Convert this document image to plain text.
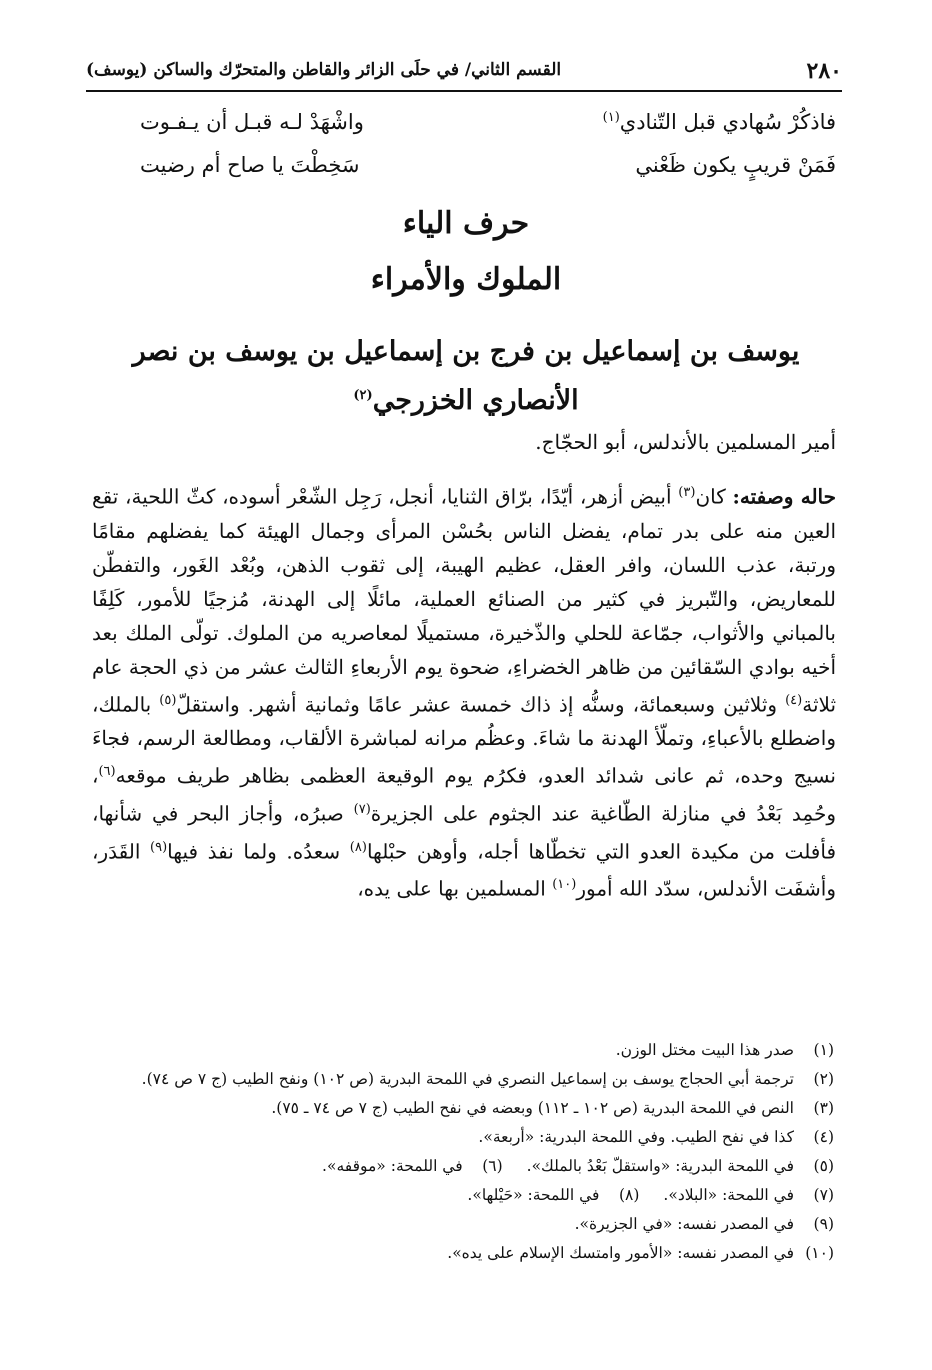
٢٨٠
القسم الثاني/ في حلَى الزائر والقاطن والمتحرّك والساكن (يوسف)
فاذكُرْ سُهادي قبل التّنادي$^{(١)}$
واشْهَدْ لـه قبـل أن يـفـوت
فَمَنْ قريبٍ يكون ظَعْني
سَخِطْتَ يا صاح أم رضيت
حرف الياء
الملوك والأمراء
يوسف بن إسماعيل بن فرج بن إسماعيل بن يوسف بن نصر
الأنصاري الخزرجي$^{(٢)}$
أمير المسلمين بالأندلس، أبو الحجّاج.
حاله وصفته: كان$^{(٣)}$ أبيض أزهر، أيّدًا، برّاق الثنايا، أنجل، رَجِل الشّعْر أسوده، كثّ اللحية، تقع العين منه على بدر تمام، يفضل الناس بحُسْن المرأى وجمال الهيئة كما يفضلهم مقامًا ورتبة، عذب اللسان، وافر العقل، عظيم الهيبة، إلى ثقوب الذهن، وبُعْد الغَور، والتفطّن للمعاريض، والتّبريز في كثير من الصنائع العملية، مائلًا إلى الهدنة، مُزجيًا للأمور، كَلِفًا بالمباني والأثواب، جمّاعة للحلي والذّخيرة، مستميلًا لمعاصريه من الملوك. تولّى الملك بعد أخيه بوادي السّقائين من ظاهر الخضراءِ، ضحوة يوم الأربعاءِ الثالث عشر من ذي الحجة عام ثلاثة$^{(٤)}$ وثلاثين وسبعمائة، وسنُّه إذ ذاك خمسة عشر عامًا وثمانية أشهر. واستقلّ$^{(٥)}$ بالملك، واضطلع بالأعباءِ، وتملّأ الهدنة ما شاءَ. وعظُم مرانه لمباشرة الألقاب، ومطالعة الرسم، فجاءَ نسيج وحده، ثم عانى شدائد العدو، فكرُم يوم الوقيعة العظمى بظاهر طريف موقعه$^{(٦)}$، وحُمِد بَعْدُ في منازلة الطّاغية عند الجثوم على الجزيرة$^{(٧)}$ صبرُه، وأجاز البحر في شأنها، فأفلت من مكيدة العدو التي تخطّاها أجله، وأوهن حبْلها$^{(٨)}$ سعدُه. ولما نفذ فيها$^{(٩)}$ القَدَر، وأشفَت الأندلس، سدّد الله أمور$^{(١٠)}$ المسلمين بها على يده،
(١)
صدر هذا البيت مختل الوزن.
(٢)
ترجمة أبي الحجاج يوسف بن إسماعيل النصري في اللمحة البدرية (ص ١٠٢) ونفح الطيب (ج ٧ ص ٧٤).
(٣)
النص في اللمحة البدرية (ص ١٠٢ ـ ١١٢) وبعضه في نفح الطيب (ج ٧ ص ٧٤ ـ ٧٥).
(٤)
كذا في نفح الطيب. وفي اللمحة البدرية: «أربعة».
(٥)
في اللمحة البدرية: «واستقلّ بَعْدُ بالملك».
(٦)
في اللمحة: «موقفه».
(٧)
في اللمحة: «البلاد».
(٨)
في اللمحة: «حَيْلها».
(٩)
في المصدر نفسه: «في الجزيرة».
(١٠)
في المصدر نفسه: «الأمور وامتسك الإسلام على يده».
